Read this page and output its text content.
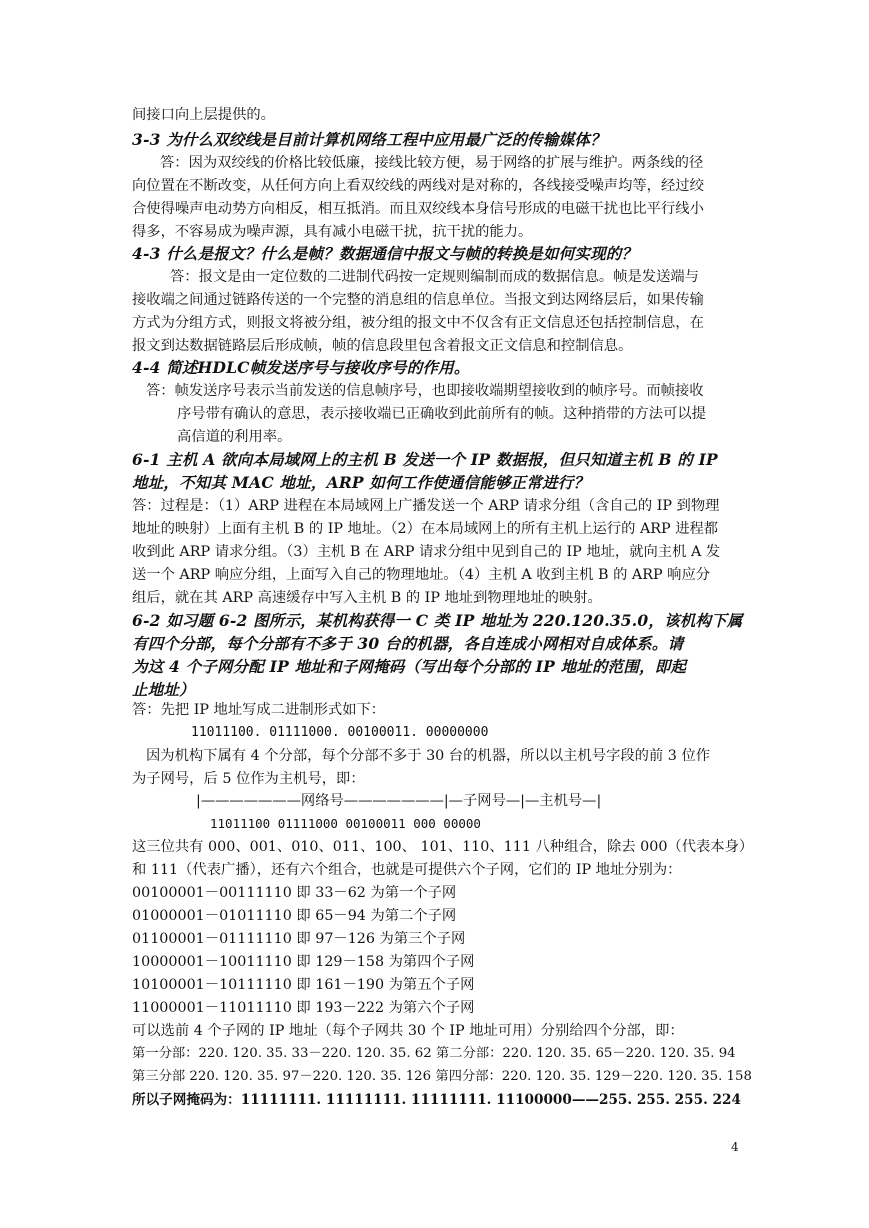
间接口向上层提供的。
3-3 为什么双绞线是目前计算机网络工程中应用最广泛的传输媒体？
答：因为双绞线的价格比较低廉，接线比较方便，易于网络的扩展与维护。两条线的径
向位置在不断改变，从任何方向上看双绞线的两线对是对称的，各线接受噪声均等，经过绞
合使得噪声电动势方向相反，相互抵消。而且双绞线本身信号形成的电磁干扰也比平行线小
得多，不容易成为噪声源，具有减小电磁干扰，抗干扰的能力。
4-3 什么是报文？什么是帧？数据通信中报文与帧的转换是如何实现的？
答：报文是由一定位数的二进制代码按一定规则编制而成的数据信息。帧是发送端与
接收端之间通过链路传送的一个完整的消息组的信息单位。当报文到达网络层后，如果传输
方式为分组方式，则报文将被分组，被分组的报文中不仅含有正文信息还包括控制信息，在
报文到达数据链路层后形成帧，帧的信息段里包含着报文正文信息和控制信息。
4-4 简述HDLC帧发送序号与接收序号的作用。
答：帧发送序号表示当前发送的信息帧序号，也即接收端期望接收到的帧序号。而帧接收
序号带有确认的意思，表示接收端已正确收到此前所有的帧。这种捎带的方法可以提
高信道的利用率。
6-1 主机 A 欲向本局域网上的主机 B 发送一个 IP 数据报，但只知道主机 B 的 IP
地址，不知其 MAC 地址，ARP 如何工作使通信能够正常进行？
答：过程是：（1）ARP 进程在本局域网上广播发送一个 ARP 请求分组（含自己的 IP 到物理
地址的映射）上面有主机 B 的 IP 地址。（2）在本局域网上的所有主机上运行的 ARP 进程都
收到此 ARP 请求分组。（3）主机 B 在 ARP 请求分组中见到自己的 IP 地址，就向主机 A 发
送一个 ARP 响应分组，上面写入自己的物理地址。（4）主机 A 收到主机 B 的 ARP 响应分
组后，就在其 ARP 高速缓存中写入主机 B 的 IP 地址到物理地址的映射。
6-2 如习题 6-2 图所示，某机构获得一 C 类 IP 地址为 220.120.35.0，该机构下属
有四个分部，每个分部有不多于 30 台的机器，各自连成小网相对自成体系。请
为这 4 个子网分配 IP 地址和子网掩码（写出每个分部的 IP 地址的范围，即起
止地址）
答：先把 IP 地址写成二进制形式如下：
11011100. 01111000. 00100011. 00000000
因为机构下属有 4 个分部，每个分部不多于 30 台的机器，所以以主机号字段的前 3 位作
为子网号，后 5 位作为主机号，即：
|———————网络号———————|—子网号—|—主机号—|
11011100 01111000 00100011 000 00000
这三位共有 000、001、010、011、100、 101、110、111 八种组合，除去 000（代表本身）
和 111（代表广播），还有六个组合，也就是可提供六个子网，它们的 IP 地址分别为：
00100001－00111110 即 33－62 为第一个子网
01000001－01011110 即 65－94 为第二个子网
01100001－01111110 即 97－126 为第三个子网
10000001－10011110 即 129－158 为第四个子网
10100001－10111110 即 161－190 为第五个子网
11000001－11011110 即 193－222 为第六个子网
可以选前 4 个子网的 IP 地址（每个子网共 30 个 IP 地址可用）分别给四个分部，即：
第一分部：220. 120. 35. 33－220. 120. 35. 62 第二分部：220. 120. 35. 65－220. 120. 35. 94
第三分部 220. 120. 35. 97－220. 120. 35. 126 第四分部：220. 120. 35. 129－220. 120. 35. 158
所以子网掩码为：11111111. 11111111. 11111111. 11100000——255. 255. 255. 224
4
